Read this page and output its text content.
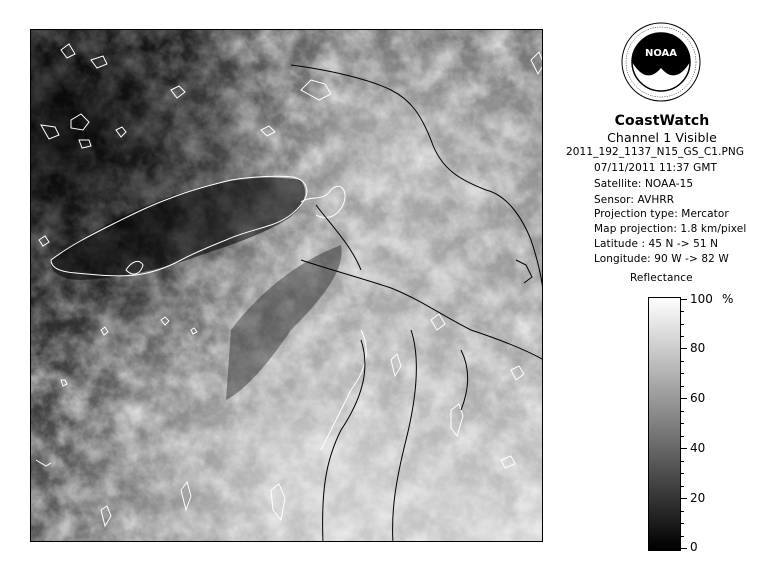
NOAA
CoastWatch
Channel 1 Visible
2011_192_1137_N15_GS_C1.PNG
07/11/2011 11:37 GMT
Satellite: NOAA-15
Sensor: AVHRR
Projection type: Mercator
Map projection: 1.8 km/pixel
Latitude : 45 N -> 51 N
Longitude: 90 W -> 82 W
Reflectance
%
100
80
60
40
20
0
